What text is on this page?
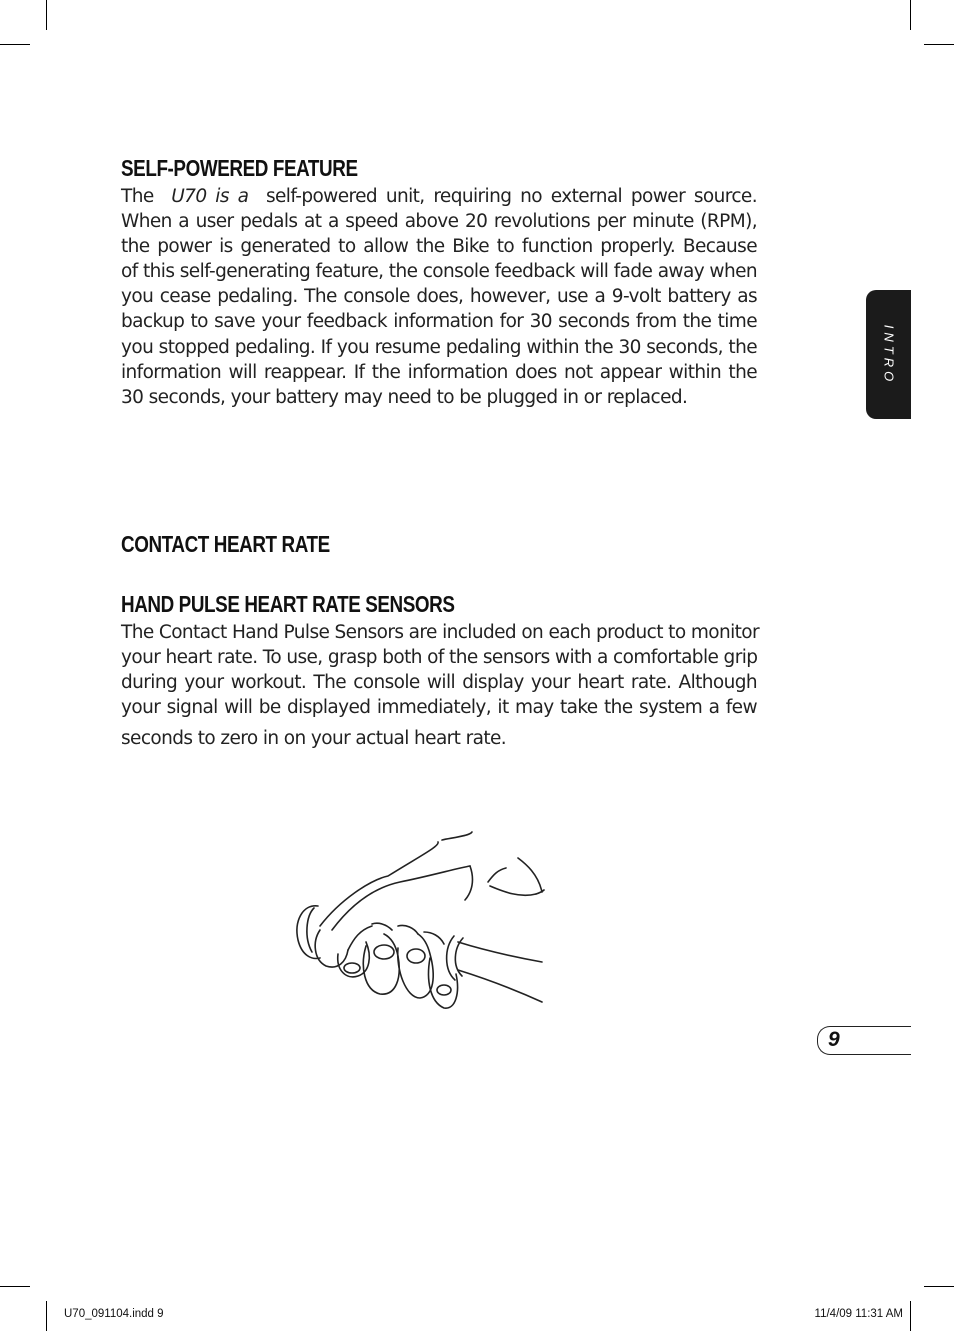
SELF-POWERED FEATURE
The U70 is a self-powered unit, requiring no external power source.
When a user pedals at a speed above 20 revolutions per minute (RPM),
the power is generated to allow the Bike to function properly. Because
of this self-generating feature, the console feedback will fade away when
you cease pedaling. The console does, however, use a 9-volt battery as
backup to save your feedback information for 30 seconds from the time
you stopped pedaling. If you resume pedaling within the 30 seconds, the
information will reappear. If the information does not appear within the
30 seconds, your battery may need to be plugged in or replaced.
CONTACT HEART RATE
HAND PULSE HEART RATE SENSORS
The Contact Hand Pulse Sensors are included on each product to monitor
your heart rate. To use, grasp both of the sensors with a comfortable grip
during your workout. The console will display your heart rate. Although
your signal will be displayed immediately, it may take the system a few
seconds to zero in on your actual heart rate.
INTRO
9
U70_091104.indd 9	11/4/09 11:31 AM
